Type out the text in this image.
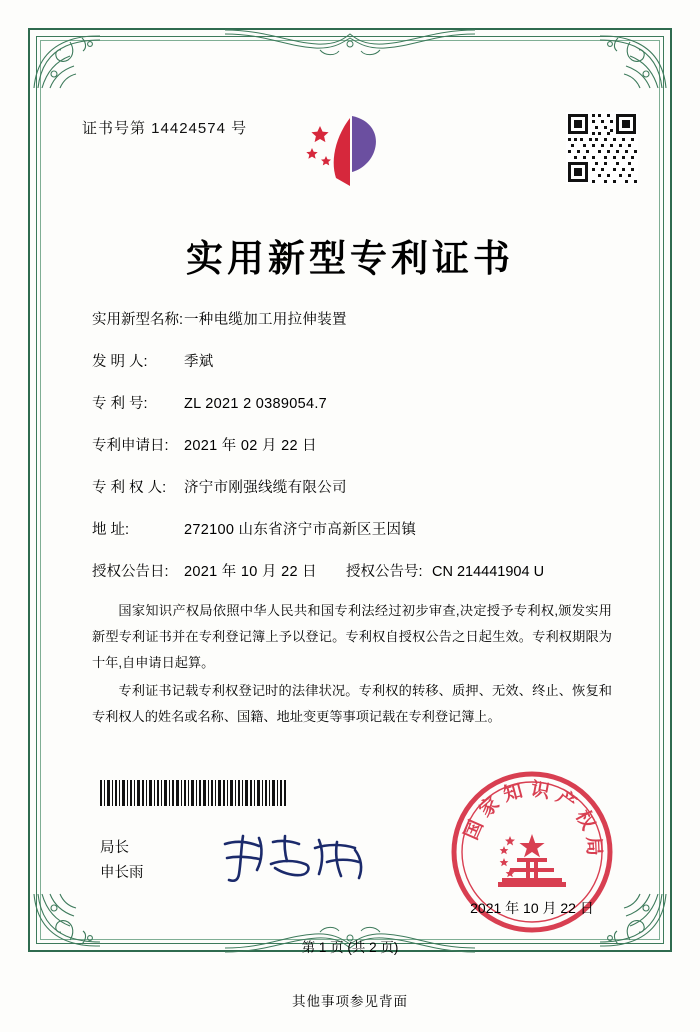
证书号第 14424574 号
实用新型专利证书
实用新型名称: 一种电缆加工用拉伸装置
发 明 人:	季斌
专 利 号:	ZL 2021 2 0389054.7
专利申请日:	2021 年 02 月 22 日
专 利 权 人:	济宁市刚强线缆有限公司
地 址:	272100 山东省济宁市高新区王因镇
授权公告日:	2021 年 10 月 22 日	授权公告号: CN 214441904 U
国家知识产权局依照中华人民共和国专利法经过初步审查,决定授予专利权,颁发实用新型专利证书并在专利登记簿上予以登记。专利权自授权公告之日起生效。专利权期限为十年,自申请日起算。
专利证书记载专利权登记时的法律状况。专利权的转移、质押、无效、终止、恢复和专利权人的姓名或名称、国籍、地址变更等事项记载在专利登记簿上。
局长
申长雨
国家知识产权局
2021 年 10 月 22 日
第 1 页 (共 2 页)
其他事项参见背面
